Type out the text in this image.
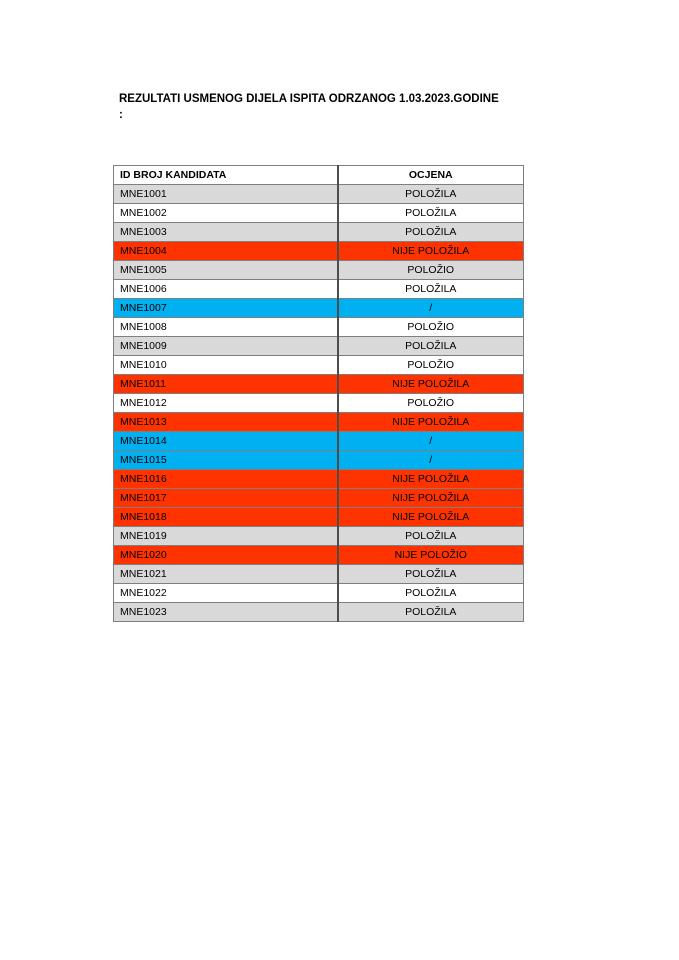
REZULTATI USMENOG DIJELA ISPITA ODRZANOG 1.03.2023.GODINE
:
ID BROJ KANDIDATA	OCJENA
MNE1001	POLOŽILA
MNE1002	POLOŽILA
MNE1003	POLOŽILA
MNE1004	NIJE POLOŽILA
MNE1005	POLOŽIO
MNE1006	POLOŽILA
MNE1007	/
MNE1008	POLOŽIO
MNE1009	POLOŽILA
MNE1010	POLOŽIO
MNE1011	NIJE POLOŽILA
MNE1012	POLOŽIO
MNE1013	NIJE POLOŽILA
MNE1014	/
MNE1015	/
MNE1016	NIJE POLOŽILA
MNE1017	NIJE POLOŽILA
MNE1018	NIJE POLOŽILA
MNE1019	POLOŽILA
MNE1020	NIJE POLOŽIO
MNE1021	POLOŽILA
MNE1022	POLOŽILA
MNE1023	POLOŽILA
